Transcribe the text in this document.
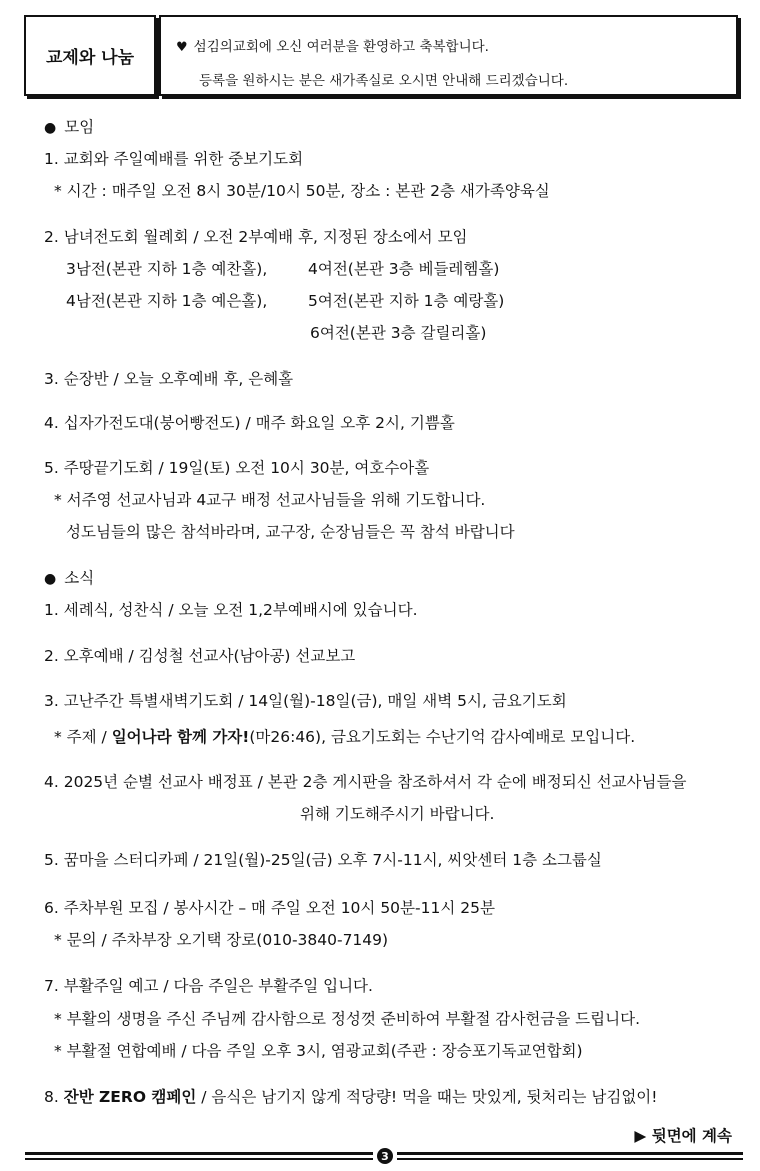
교제와 나눔
♥ 섬김의교회에 오신 여러분을 환영하고 축복합니다.
등록을 원하시는 분은 새가족실로 오시면 안내해 드리겠습니다.
● 모임
1. 교회와 주일예배를 위한 중보기도회
* 시간 : 매주일 오전 8시 30분/10시 50분, 장소 : 본관 2층 새가족양육실
2. 남녀전도회 월례회 / 오전 2부예배 후, 지정된 장소에서 모임
3남전(본관 지하 1층 예찬홀),	4여전(본관 3층 베들레헴홀)
4남전(본관 지하 1층 예은홀),	5여전(본관 지하 1층 예랑홀)
6여전(본관 3층 갈릴리홀)
3. 순장반 / 오늘 오후예배 후, 은혜홀
4. 십자가전도대(붕어빵전도) / 매주 화요일 오후 2시, 기쁨홀
5. 주땅끝기도회 / 19일(토) 오전 10시 30분, 여호수아홀
* 서주영 선교사님과 4교구 배정 선교사님들을 위해 기도합니다.
성도님들의 많은 참석바라며, 교구장, 순장님들은 꼭 참석 바랍니다
● 소식
1. 세례식, 성찬식 / 오늘 오전 1,2부예배시에 있습니다.
2. 오후예배 / 김성철 선교사(남아공) 선교보고
3. 고난주간 특별새벽기도회 / 14일(월)-18일(금), 매일 새벽 5시, 금요기도회
* 주제 / 일어나라 함께 가자!(마26:46), 금요기도회는 수난기억 감사예배로 모입니다.
4. 2025년 순별 선교사 배정표 / 본관 2층 게시판을 참조하셔서 각 순에 배정되신 선교사님들을
위해 기도해주시기 바랍니다.
5. 꿈마을 스터디카페 / 21일(월)-25일(금) 오후 7시-11시, 씨앗센터 1층 소그룹실
6. 주차부원 모집 / 봉사시간 – 매 주일 오전 10시 50분-11시 25분
* 문의 / 주차부장 오기택 장로(010-3840-7149)
7. 부활주일 예고 / 다음 주일은 부활주일 입니다.
* 부활의 생명을 주신 주님께 감사함으로 정성껏 준비하여 부활절 감사헌금을 드립니다.
* 부활절 연합예배 / 다음 주일 오후 3시, 염광교회(주관 : 장승포기독교연합회)
8. 잔반 ZERO 캠페인 / 음식은 남기지 않게 적당량! 먹을 때는 맛있게, 뒷처리는 남김없이!
▶ 뒷면에 계속
3
